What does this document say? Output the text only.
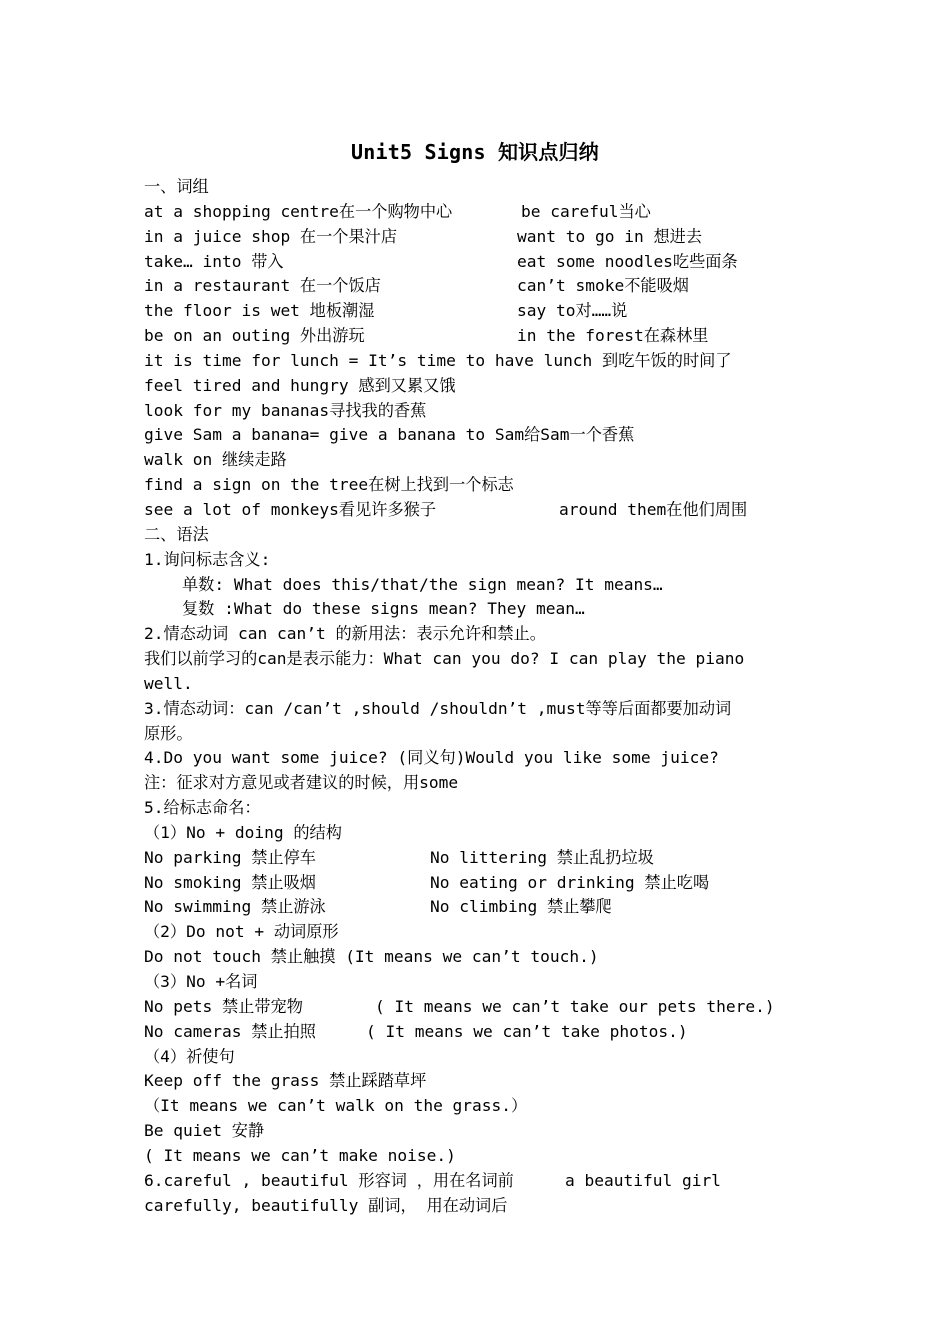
Unit5 Signs 知识点归纳
一、词组
at a shopping centre在一个购物中心	be careful当心
in a juice shop 在一个果汁店	want to go in 想进去
take… into 带入	eat some noodles吃些面条
in a restaurant 在一个饭店	can’t smoke不能吸烟
the floor is wet 地板潮湿	say to对……说
be on an outing 外出游玩	in the forest在森林里
it is time for lunch = It’s time to have lunch 到吃午饭的时间了
feel tired and hungry 感到又累又饿
look for my bananas寻找我的香蕉
give Sam a banana= give a banana to Sam给Sam一个香蕉
walk on 继续走路
find a sign on the tree在树上找到一个标志
see a lot of monkeys看见许多猴子	around them在他们周围
二、语法
1.询问标志含义:
单数: What does this/that/the sign mean? It means…
复数 :What do these signs mean? They mean…
2.情态动词 can can’t 的新用法：表示允许和禁止。
我们以前学习的can是表示能力：What can you do? I can play the piano
well.
3.情态动词：can /can’t ,should /shouldn’t ,must等等后面都要加动词
原形。
4.Do you want some juice? (同义句)Would you like some juice?
注：征求对方意见或者建议的时候，用some
5.给标志命名：
（1）No + doing 的结构
No parking 禁止停车	No littering 禁止乱扔垃圾
No smoking 禁止吸烟	No eating or drinking 禁止吃喝
No swimming 禁止游泳	No climbing 禁止攀爬
（2）Do not + 动词原形
Do not touch 禁止触摸 (It means we can’t touch.)
（3）No +名词
No pets 禁止带宠物	( It means we can’t take our pets there.)
No cameras 禁止拍照	( It means we can’t take photos.)
（4）祈使句
Keep off the grass 禁止踩踏草坪
（It means we can’t walk on the grass.）
Be quiet 安静
( It means we can’t make noise.)
6.careful , beautiful 形容词 ，用在名词前	a beautiful girl
carefully, beautifully 副词， 用在动词后
